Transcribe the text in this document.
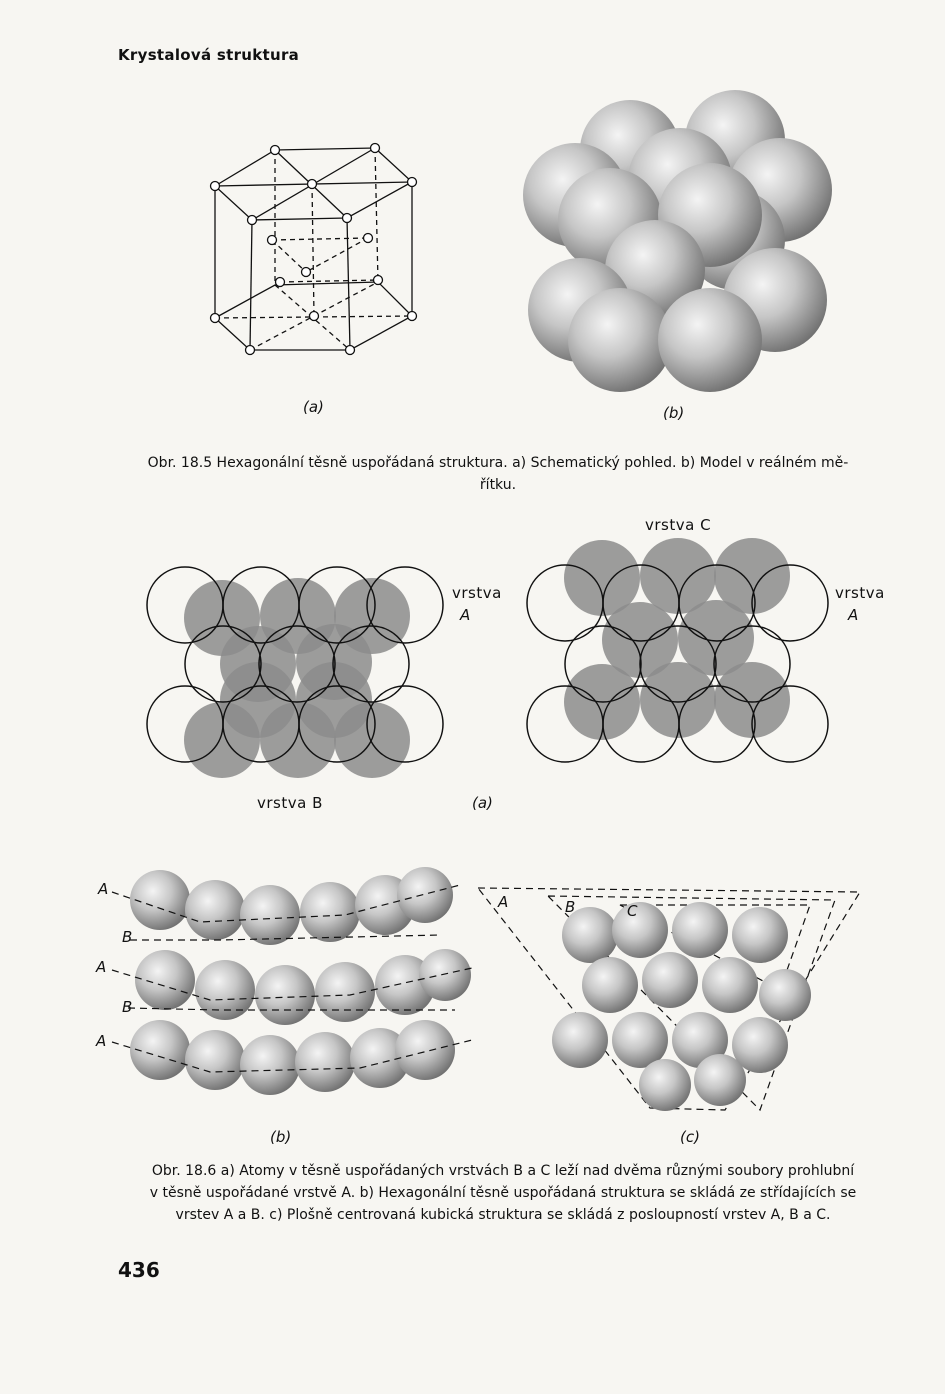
Krystalová struktura
(a)	(b)
Obr. 18.5 Hexagonální těsně uspořádaná struktura. a) Schematický pohled. b) Model v reálném mě-
řítku.
vrstva
A
vrstva C
vrstva
A
vrstva B	(a)
A
B
A
B
A
A	B	C
(b)	(c)
Obr. 18.6 a) Atomy v těsně uspořádaných vrstvách B a C leží nad dvěma různými soubory prohlubní
v těsně uspořádané vrstvě A. b) Hexagonální těsně uspořádaná struktura se skládá ze střídajících se
vrstev A a B. c) Plošně centrovaná kubická struktura se skládá z posloupností vrstev A, B a C.
436
